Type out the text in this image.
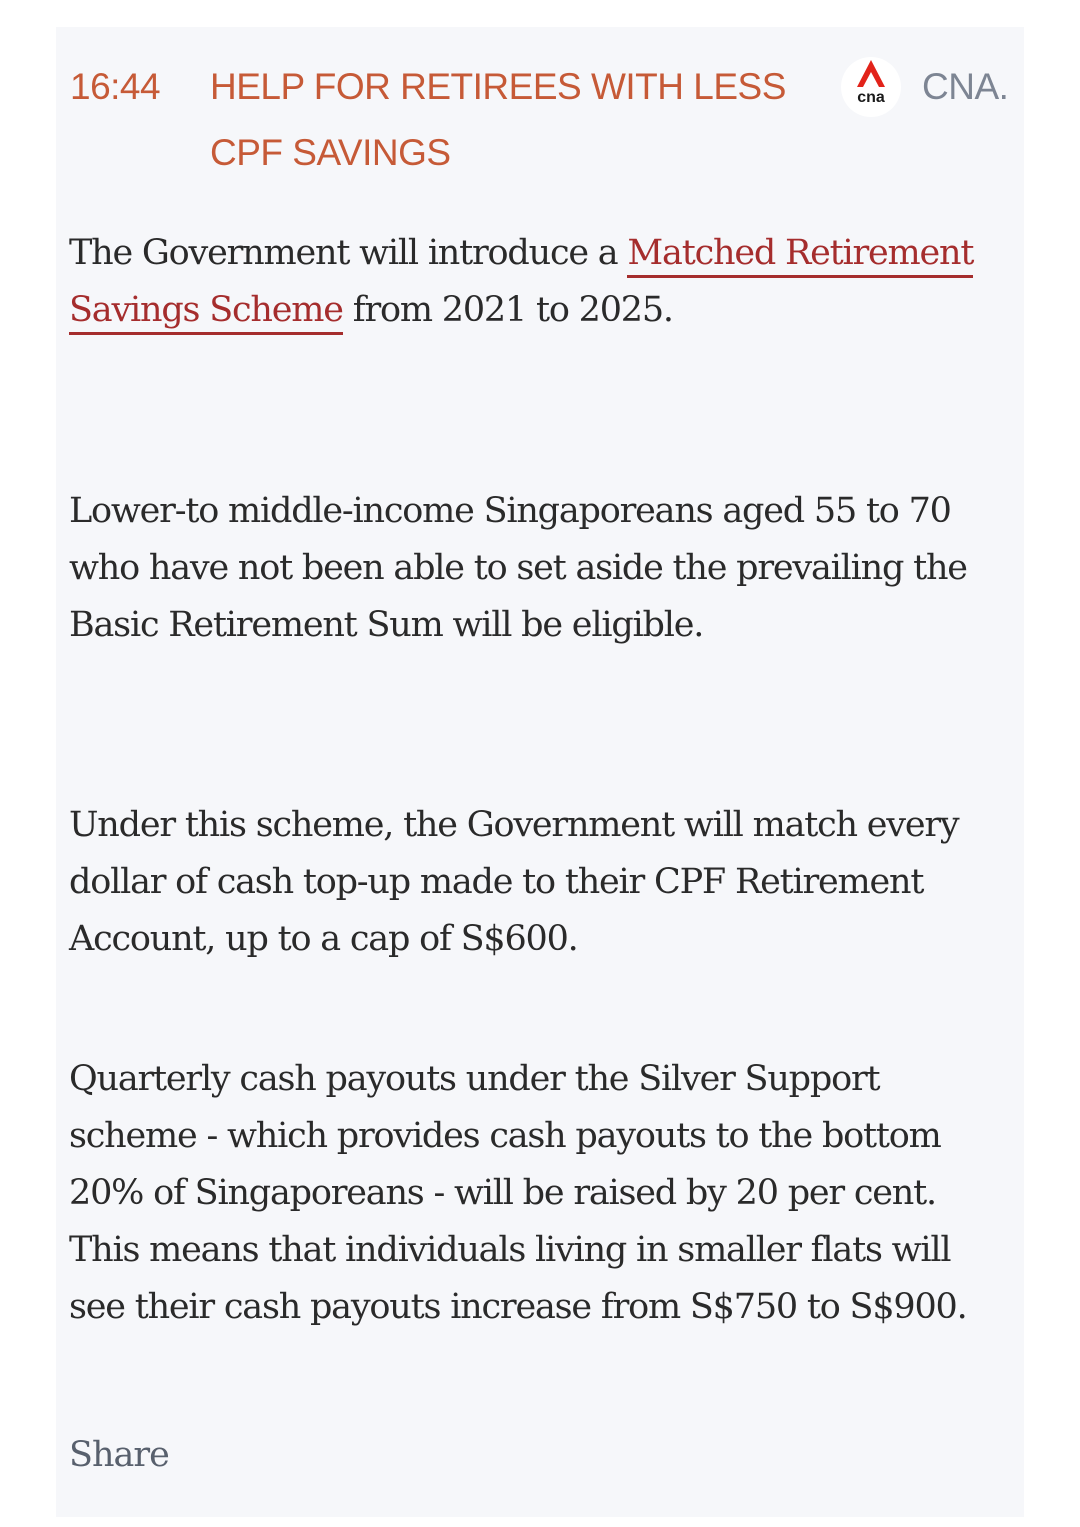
16:44 HELP FOR RETIREES WITH LESS CPF SAVINGS
cna	CNA.

The Government will introduce a Matched Retirement Savings Scheme from 2021 to 2025.

Lower-to middle-income Singaporeans aged 55 to 70 who have not been able to set aside the prevailing the Basic Retirement Sum will be eligible.

Under this scheme, the Government will match every dollar of cash top-up made to their CPF Retirement Account, up to a cap of S$600.

Quarterly cash payouts under the Silver Support scheme - which provides cash payouts to the bottom 20% of Singaporeans - will be raised by 20 per cent. This means that individuals living in smaller flats will see their cash payouts increase from S$750 to S$900.

Share
